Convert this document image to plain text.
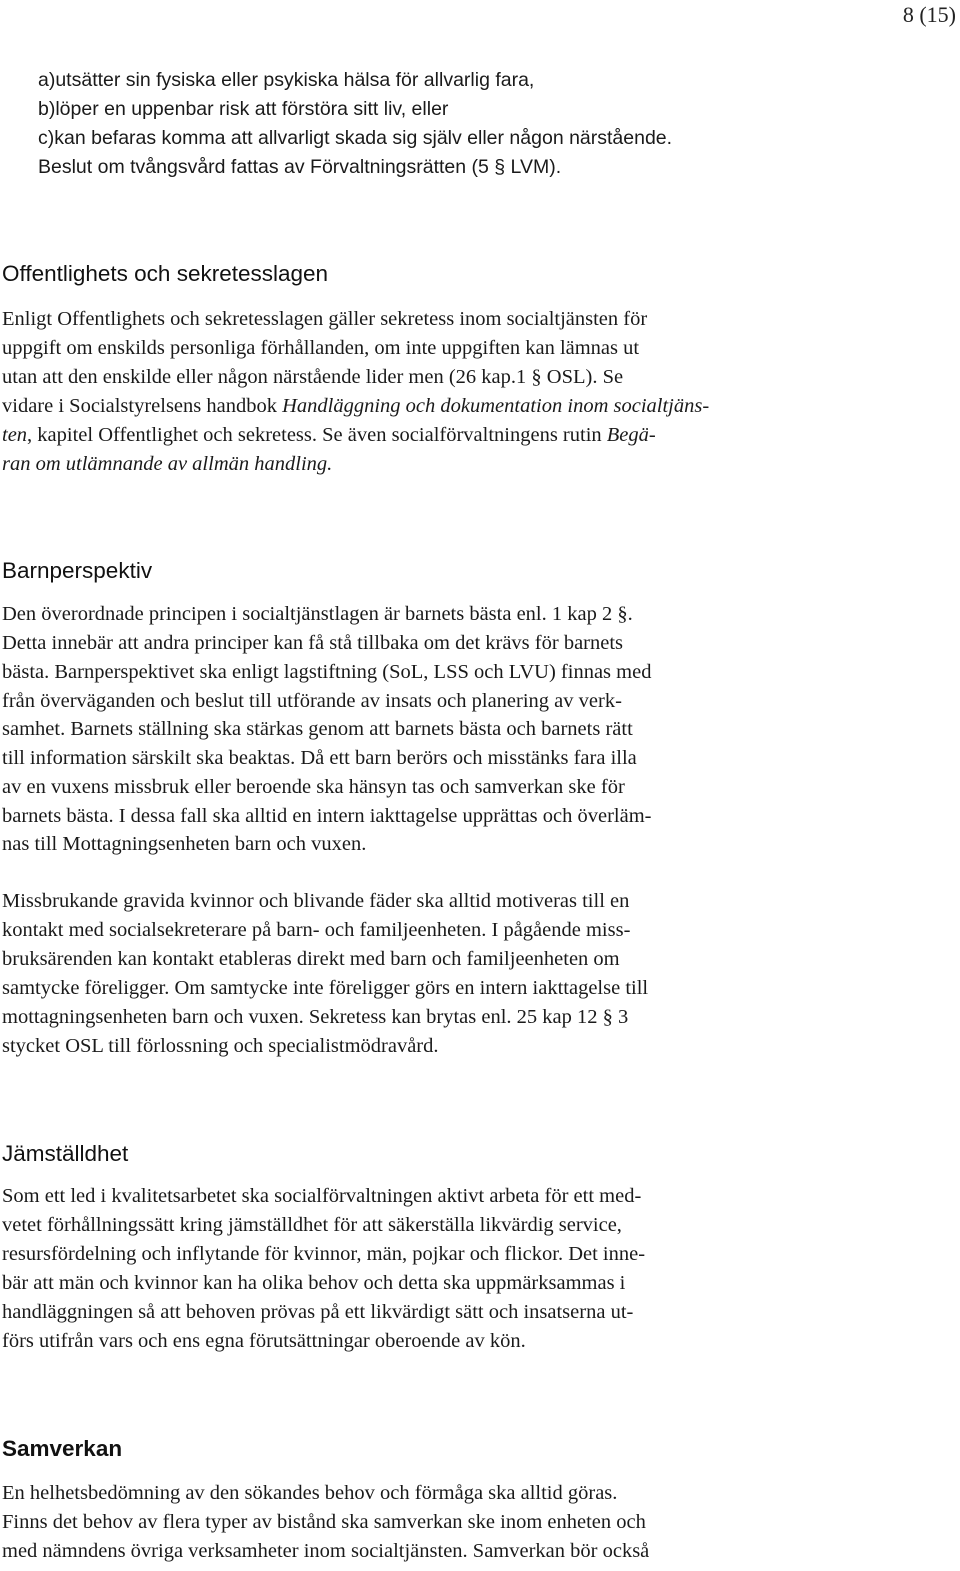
8 (15)
a)utsätter sin fysiska eller psykiska hälsa för allvarlig fara,
b)löper en uppenbar risk att förstöra sitt liv, eller
c)kan befaras komma att allvarligt skada sig själv eller någon närstående.
Beslut om tvångsvård fattas av Förvaltningsrätten (5 § LVM).
Offentlighets och sekretesslagen
Enligt Offentlighets och sekretesslagen gäller sekretess inom socialtjänsten för
uppgift om enskilds personliga förhållanden, om inte uppgiften kan lämnas ut
utan att den enskilde eller någon närstående lider men (26 kap.1 § OSL). Se
vidare i Socialstyrelsens handbok Handläggning och dokumentation inom socialtjäns-
ten, kapitel Offentlighet och sekretess. Se även socialförvaltningens rutin Begä-
ran om utlämnande av allmän handling.
Barnperspektiv
Den överordnade principen i socialtjänstlagen är barnets bästa enl. 1 kap 2 §.
Detta innebär att andra principer kan få stå tillbaka om det krävs för barnets
bästa. Barnperspektivet ska enligt lagstiftning (SoL, LSS och LVU) finnas med
från överväganden och beslut till utförande av insats och planering av verk-
samhet. Barnets ställning ska stärkas genom att barnets bästa och barnets rätt
till information särskilt ska beaktas. Då ett barn berörs och misstänks fara illa
av en vuxens missbruk eller beroende ska hänsyn tas och samverkan ske för
barnets bästa. I dessa fall ska alltid en intern iakttagelse upprättas och överläm-
nas till Mottagningsenheten barn och vuxen.
Missbrukande gravida kvinnor och blivande fäder ska alltid motiveras till en
kontakt med socialsekreterare på barn- och familjeenheten. I pågående miss-
bruksärenden kan kontakt etableras direkt med barn och familjeenheten om
samtycke föreligger. Om samtycke inte föreligger görs en intern iakttagelse till
mottagningsenheten barn och vuxen. Sekretess kan brytas enl. 25 kap 12 § 3
stycket OSL till förlossning och specialistmödravård.
Jämställdhet
Som ett led i kvalitetsarbetet ska socialförvaltningen aktivt arbeta för ett med-
vetet förhållningssätt kring jämställdhet för att säkerställa likvärdig service,
resursfördelning och inflytande för kvinnor, män, pojkar och flickor. Det inne-
bär att män och kvinnor kan ha olika behov och detta ska uppmärksammas i
handläggningen så att behoven prövas på ett likvärdigt sätt och insatserna ut-
förs utifrån vars och ens egna förutsättningar oberoende av kön.
Samverkan
En helhetsbedömning av den sökandes behov och förmåga ska alltid göras.
Finns det behov av flera typer av bistånd ska samverkan ske inom enheten och
med nämndens övriga verksamheter inom socialtjänsten. Samverkan bör också
